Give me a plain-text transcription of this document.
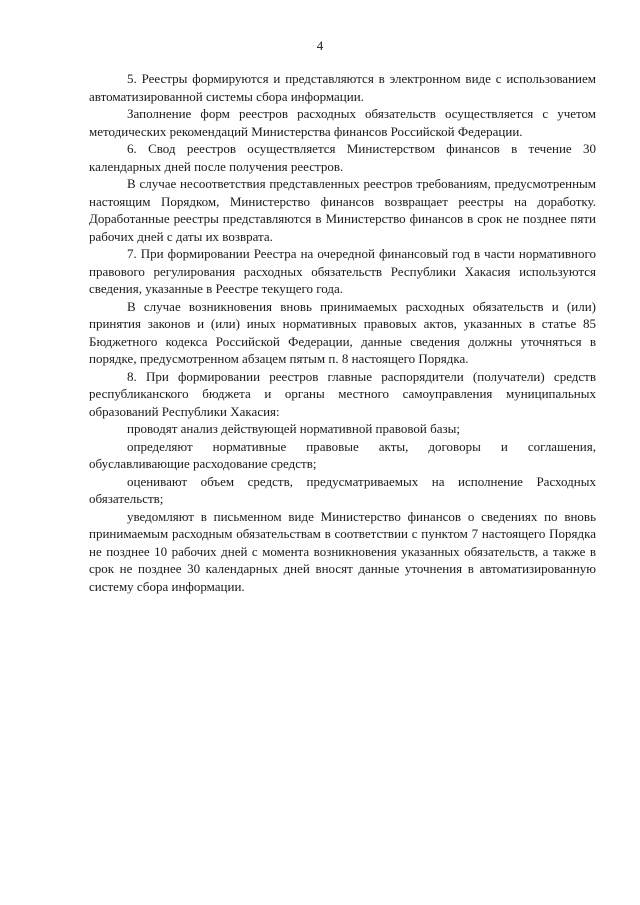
4

5. Реестры формируются и представляются в электронном виде с использованием автоматизированной системы сбора информации.

Заполнение форм реестров расходных обязательств осуществляется с учетом методических рекомендаций Министерства финансов Российской Федерации.

6. Свод реестров осуществляется Министерством финансов в течение 30 календарных дней после получения реестров.

В случае несоответствия представленных реестров требованиям, предусмотренным настоящим Порядком, Министерство финансов возвращает реестры на доработку. Доработанные реестры представляются в Министерство финансов в срок не позднее пяти рабочих дней с даты их возврата.

7. При формировании Реестра на очередной финансовый год в части нормативного правового регулирования расходных обязательств Республики Хакасия используются сведения, указанные в Реестре текущего года.

В случае возникновения вновь принимаемых расходных обязательств и (или) принятия законов и (или) иных нормативных правовых актов, указанных в статье 85 Бюджетного кодекса Российской Федерации, данные сведения должны уточняться в порядке, предусмотренном абзацем пятым п. 8 настоящего Порядка.

8. При формировании реестров главные распорядители (получатели) средств республиканского бюджета и органы местного самоуправления муниципальных образований Республики Хакасия:

проводят анализ действующей нормативной правовой базы;

определяют нормативные правовые акты, договоры и соглашения, обуславливающие расходование средств;

оценивают объем средств, предусматриваемых на исполнение Расходных обязательств;

уведомляют в письменном виде Министерство финансов о сведениях по вновь принимаемым расходным обязательствам в соответствии с пунктом 7 настоящего Порядка не позднее 10 рабочих дней с момента возникновения указанных обязательств, а также в срок не позднее 30 календарных дней вносят данные уточнения в автоматизированную систему сбора информации.
